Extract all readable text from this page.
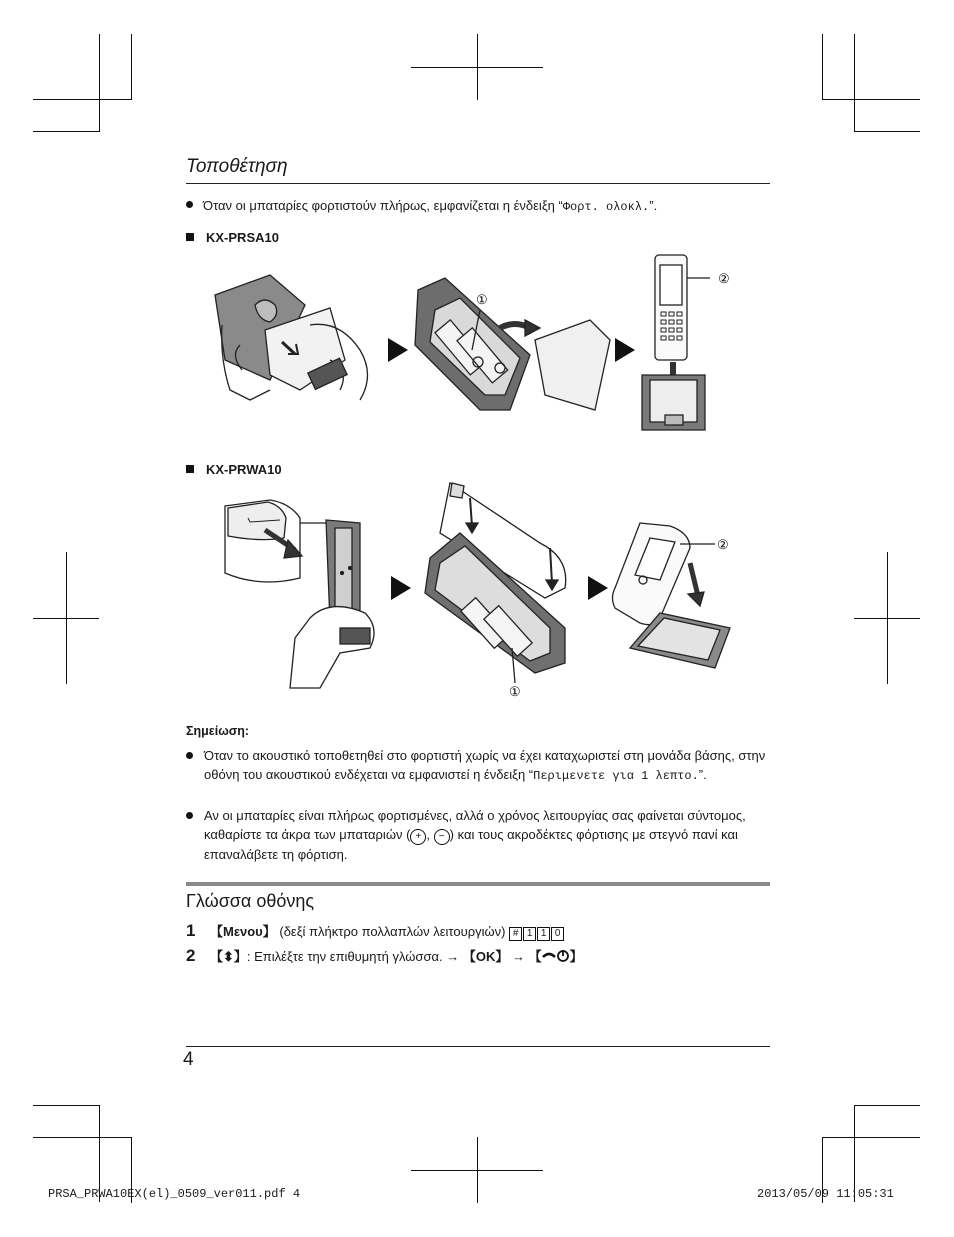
Τοποθέτηση
Όταν οι μπαταρίες φορτιστούν πλήρως, εμφανίζεται η ένδειξη “Φορτ. ολοκλ.”.
KX-PRSA10
①
②
KX-PRWA10
①
②
Σημείωση:
Όταν το ακουστικό τοποθετηθεί στο φορτιστή χωρίς να έχει καταχωριστεί στη μονάδα βάσης, στην οθόνη του ακουστικού ενδέχεται να εμφανιστεί η ένδειξη “Περιμενετε για 1 λεπτο.”.
Αν οι μπαταρίες είναι πλήρως φορτισμένες, αλλά ο χρόνος λειτουργίας σας φαίνεται σύντομος, καθαρίστε τα άκρα των μπαταριών ( + , − ) και τους ακροδέκτες φόρτισης με στεγνό πανί και επαναλάβετε τη φόρτιση.
Γλώσσα οθόνης
1 【Μενου】 (δεξί πλήκτρο πολλαπλών λειτουργιών) # 1 1 0
2 【⬍】: Επιλέξτε την επιθυμητή γλώσσα. → 【OK】 → 【 】
4
PRSA_PRWA10EX(el)_0509_ver011.pdf 4	2013/05/09 11:05:31
